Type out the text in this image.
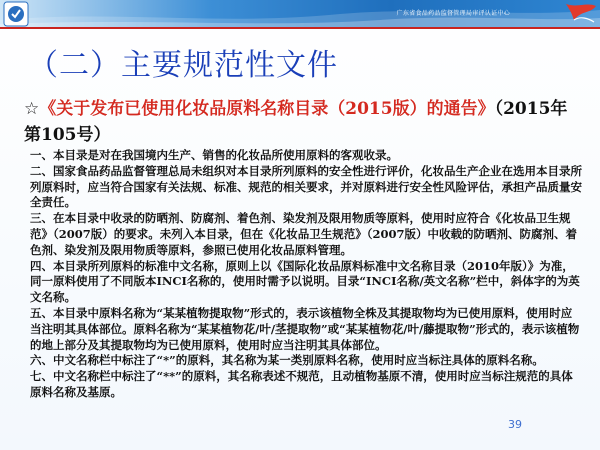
广东省食品药品监督管理局审评认证中心
（二）主要规范性文件
☆《关于发布已使用化妆品原料名称目录（2015版）的通告》（2015年第105号）

一、本目录是对在我国境内生产、销售的化妆品所使用原料的客观收录。

二、国家食品药品监督管理总局未组织对本目录所列原料的安全性进行评价，化妆品生产企业在选用本目录所列原料时，应当符合国家有关法规、标准、规范的相关要求，并对原料进行安全性风险评估，承担产品质量安全责任。

三、在本目录中收录的防晒剂、防腐剂、着色剂、染发剂及限用物质等原料，使用时应符合《化妆品卫生规范》（2007版）的要求。未列入本目录，但在《化妆品卫生规范》（2007版）中收载的防晒剂、防腐剂、着色剂、染发剂及限用物质等原料，参照已使用化妆品原料管理。

四、本目录所列原料的标准中文名称，原则上以《国际化妆品原料标准中文名称目录（2010年版）》为准，同一原料使用了不同版本INCI名称的，使用时需予以说明。目录“INCI名称/英文名称”栏中，斜体字的为英文名称。

五、本目录中原料名称为“某某植物提取物”形式的，表示该植物全株及其提取物均为已使用原料，使用时应当注明其具体部位。原料名称为“某某植物花/叶/茎提取物”或“某某植物花/叶/藤提取物”形式的，表示该植物的地上部分及其提取物均为已使用原料，使用时应当注明其具体部位。

六、中文名称栏中标注了“*”的原料，其名称为某一类别原料名称，使用时应当标注具体的原料名称。

七、中文名称栏中标注了“**”的原料，其名称表述不规范，且动植物基原不清，使用时应当标注规范的具体原料名称及基原。

39
